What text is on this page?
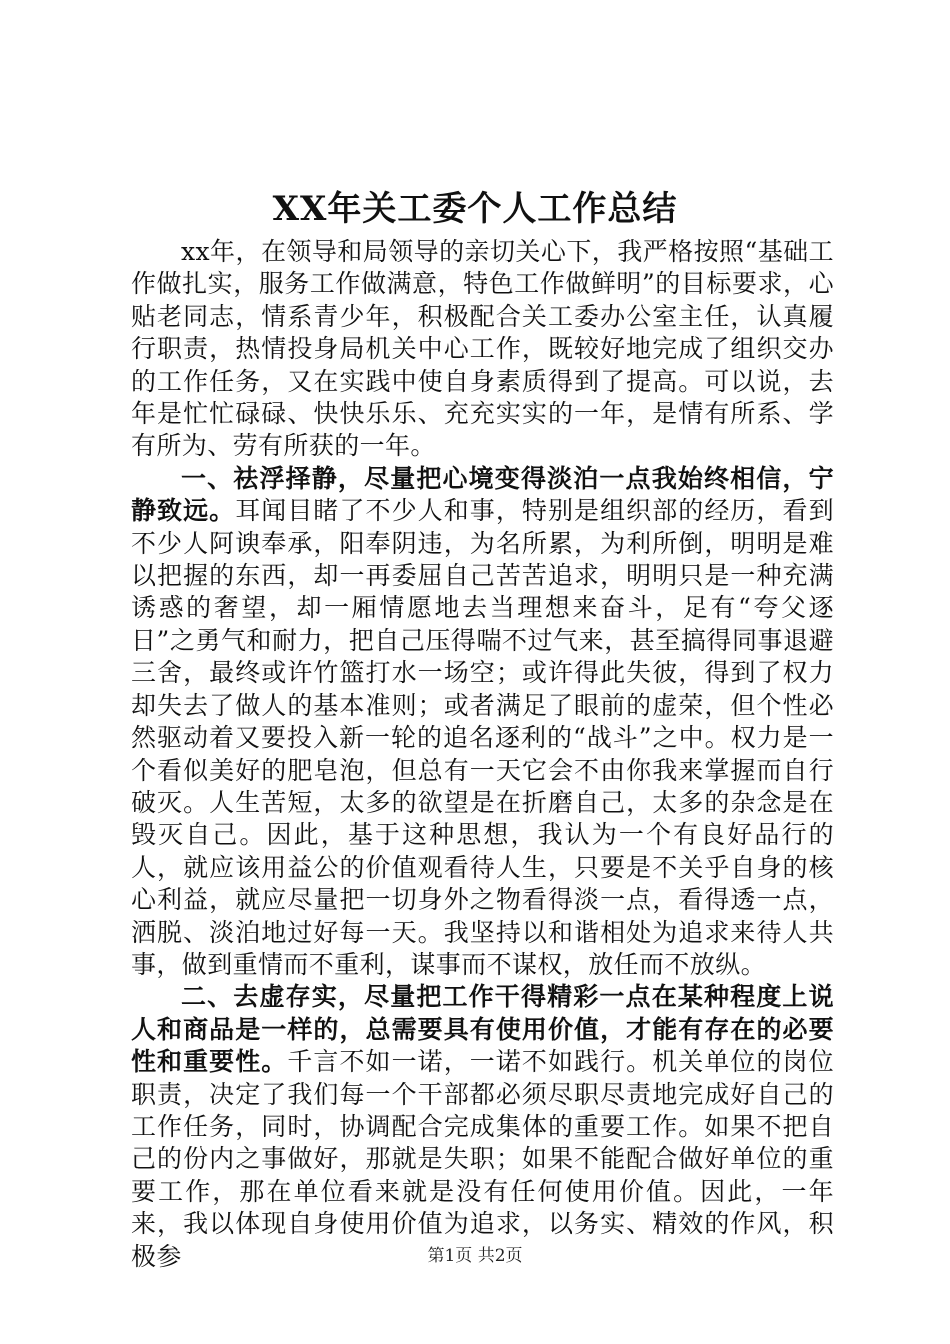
XX年关工委个人工作总结

xx年，在领导和局领导的亲切关心下，我严格按照“基础工作做扎实，服务工作做满意，特色工作做鲜明”的目标要求，心贴老同志，情系青少年，积极配合关工委办公室主任，认真履行职责，热情投身局机关中心工作，既较好地完成了组织交办的工作任务，又在实践中使自身素质得到了提高。可以说，去年是忙忙碌碌、快快乐乐、充充实实的一年，是情有所系、学有所为、劳有所获的一年。

一、祛浮择静，尽量把心境变得淡泊一点我始终相信，宁静致远。耳闻目睹了不少人和事，特别是组织部的经历，看到不少人阿谀奉承，阳奉阴违，为名所累，为利所倒，明明是难以把握的东西，却一再委屈自己苦苦追求，明明只是一种充满诱惑的奢望，却一厢情愿地去当理想来奋斗，足有“夸父逐日”之勇气和耐力，把自己压得喘不过气来，甚至搞得同事退避三舍，最终或许竹篮打水一场空；或许得此失彼，得到了权力却失去了做人的基本准则；或者满足了眼前的虚荣，但个性必然驱动着又要投入新一轮的追名逐利的“战斗”之中。权力是一个看似美好的肥皂泡，但总有一天它会不由你我来掌握而自行破灭。人生苦短，太多的欲望是在折磨自己，太多的杂念是在毁灭自己。因此，基于这种思想，我认为一个有良好品行的人，就应该用益公的价值观看待人生，只要是不关乎自身的核心利益，就应尽量把一切身外之物看得淡一点，看得透一点，洒脱、淡泊地过好每一天。我坚持以和谐相处为追求来待人共事，做到重情而不重利，谋事而不谋权，放任而不放纵。

二、去虚存实，尽量把工作干得精彩一点在某种程度上说人和商品是一样的，总需要具有使用价值，才能有存在的必要性和重要性。千言不如一诺，一诺不如践行。机关单位的岗位职责，决定了我们每一个干部都必须尽职尽责地完成好自己的工作任务，同时，协调配合完成集体的重要工作。如果不把自己的份内之事做好，那就是失职；如果不能配合做好单位的重要工作，那在单位看来就是没有任何使用价值。因此，一年来，我以体现自身使用价值为追求，以务实、精效的作风，积极参	第1页 共2页
